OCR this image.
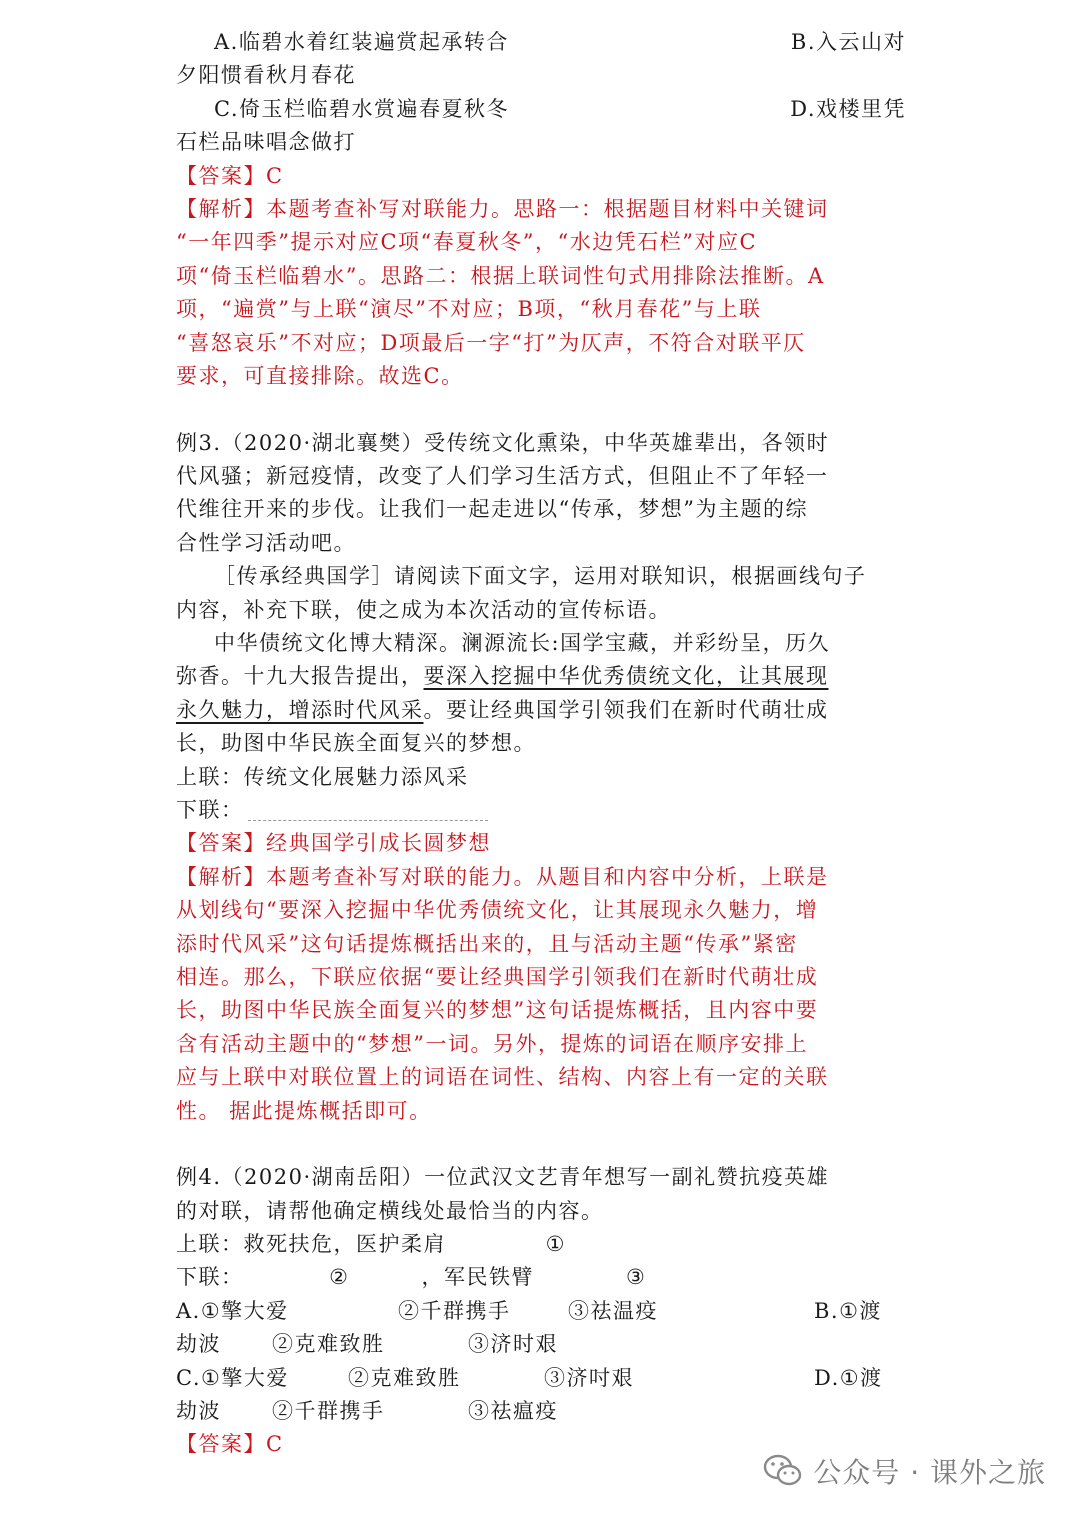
A.临碧水着红装遍赏起承转合	B.入云山对
夕阳惯看秋月春花
C.倚玉栏临碧水赏遍春夏秋冬	D.戏楼里凭
石栏品味唱念做打
【答案】C
【解析】本题考查补写对联能力。思路一：根据题目材料中关键词
“一年四季”提示对应C项“春夏秋冬”，“水边凭石栏”对应C
项“倚玉栏临碧水”。思路二：根据上联词性句式用排除法推断。A
项，“遍赏”与上联“演尽”不对应；B项，“秋月春花”与上联
“喜怒哀乐”不对应；D项最后一字“打”为仄声，不符合对联平仄
要求，可直接排除。故选C。
例3.（2020·湖北襄樊）受传统文化熏染，中华英雄辈出，各领时
代风骚；新冠疫情，改变了人们学习生活方式，但阻止不了年轻一
代维往开来的步伐。让我们一起走进以“传承，梦想”为主题的综
合性学习活动吧。
［传承经典国学］请阅读下面文字，运用对联知识，根据画线句子
内容，补充下联，使之成为本次活动的宣传标语。
中华债统文化博大精深。澜源流长:国学宝藏，并彩纷呈，历久
弥香。十九大报告提出，要深入挖掘中华优秀债统文化，让其展现
永久魅力，增添时代风采。要让经典国学引领我们在新时代萌壮成
长，助图中华民族全面复兴的梦想。
上联：传统文化展魅力添风采
下联：
【答案】经典国学引成长圆梦想
【解析】本题考查补写对联的能力。从题目和内容中分析，上联是
从划线句“要深入挖掘中华优秀债统文化，让其展现永久魅力，增
添时代风采”这句话提炼概括出来的，且与活动主题“传承”紧密
相连。那么，下联应依据“要让经典国学引领我们在新时代萌壮成
长，助图中华民族全面复兴的梦想”这句话提炼概括，且内容中要
含有活动主题中的“梦想”一词。另外，提炼的词语在顺序安排上
应与上联中对联位置上的词语在词性、结构、内容上有一定的关联
性。 据此提炼概括即可。
例4.（2020·湖南岳阳）一位武汉文艺青年想写一副礼赞抗疫英雄
的对联，请帮他确定横线处最恰当的内容。
上联：救死扶危，医护柔肩	①
下联：	②	，军民铁臂	③
A.①擎大爱	②千群携手	③祛温疫	B.①渡
劫波 ②克难致胜	③济时艰
C.①擎大爱	②克难致胜	③济吋艰	D.①渡
劫波 ②千群携手	③祛瘟疫
【答案】C
公众号 · 课外之旅
